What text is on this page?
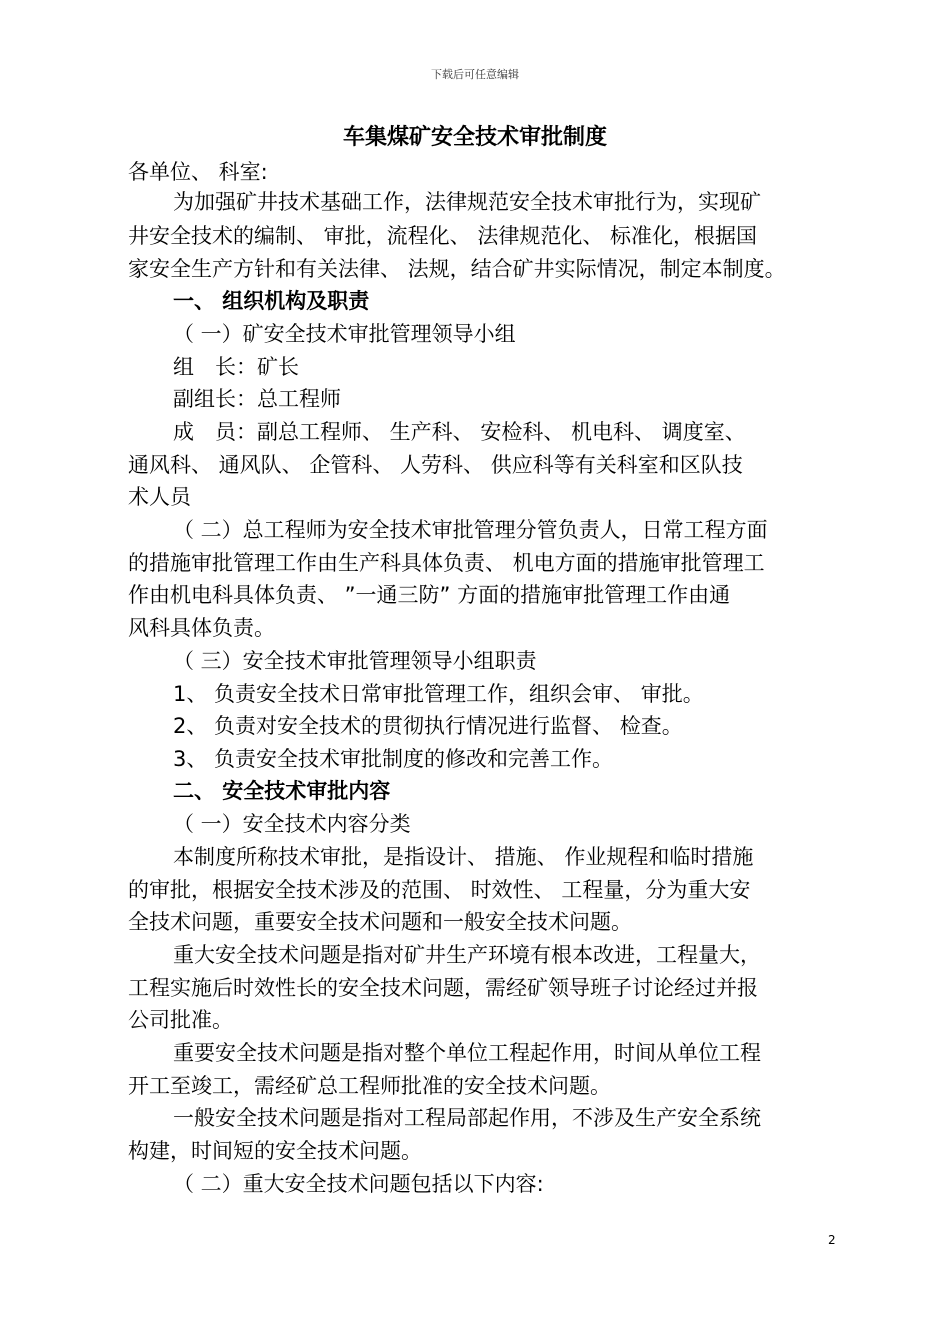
下载后可任意编辑
车集煤矿安全技术审批制度
各单位、 科室:
为加强矿井技术基础工作，法律规范安全技术审批行为，实现矿
井安全技术的编制、 审批，流程化、 法律规范化、 标准化，根据国
家安全生产方针和有关法律、 法规，结合矿井实际情况，制定本制度。
一、 组织机构及职责
（ 一）矿安全技术审批管理领导小组
组　长：矿长
副组长：总工程师
成　员：副总工程师、 生产科、 安检科、 机电科、 调度室、
通风科、 通风队、 企管科、 人劳科、 供应科等有关科室和区队技
术人员
（ 二）总工程师为安全技术审批管理分管负责人，日常工程方面
的措施审批管理工作由生产科具体负责、 机电方面的措施审批管理工
作由机电科具体负责、 ”一通三防” 方面的措施审批管理工作由通
风科具体负责。
（ 三）安全技术审批管理领导小组职责
1、 负责安全技术日常审批管理工作，组织会审、 审批。
2、 负责对安全技术的贯彻执行情况进行监督、 检查。
3、 负责安全技术审批制度的修改和完善工作。
二、 安全技术审批内容
（ 一）安全技术内容分类
本制度所称技术审批，是指设计、 措施、 作业规程和临时措施
的审批，根据安全技术涉及的范围、 时效性、 工程量，分为重大安
全技术问题，重要安全技术问题和一般安全技术问题。
重大安全技术问题是指对矿井生产环境有根本改进，工程量大，
工程实施后时效性长的安全技术问题，需经矿领导班子讨论经过并报
公司批准。
重要安全技术问题是指对整个单位工程起作用，时间从单位工程
开工至竣工，需经矿总工程师批准的安全技术问题。
一般安全技术问题是指对工程局部起作用，不涉及生产安全系统
构建，时间短的安全技术问题。
（ 二）重大安全技术问题包括以下内容:
2
